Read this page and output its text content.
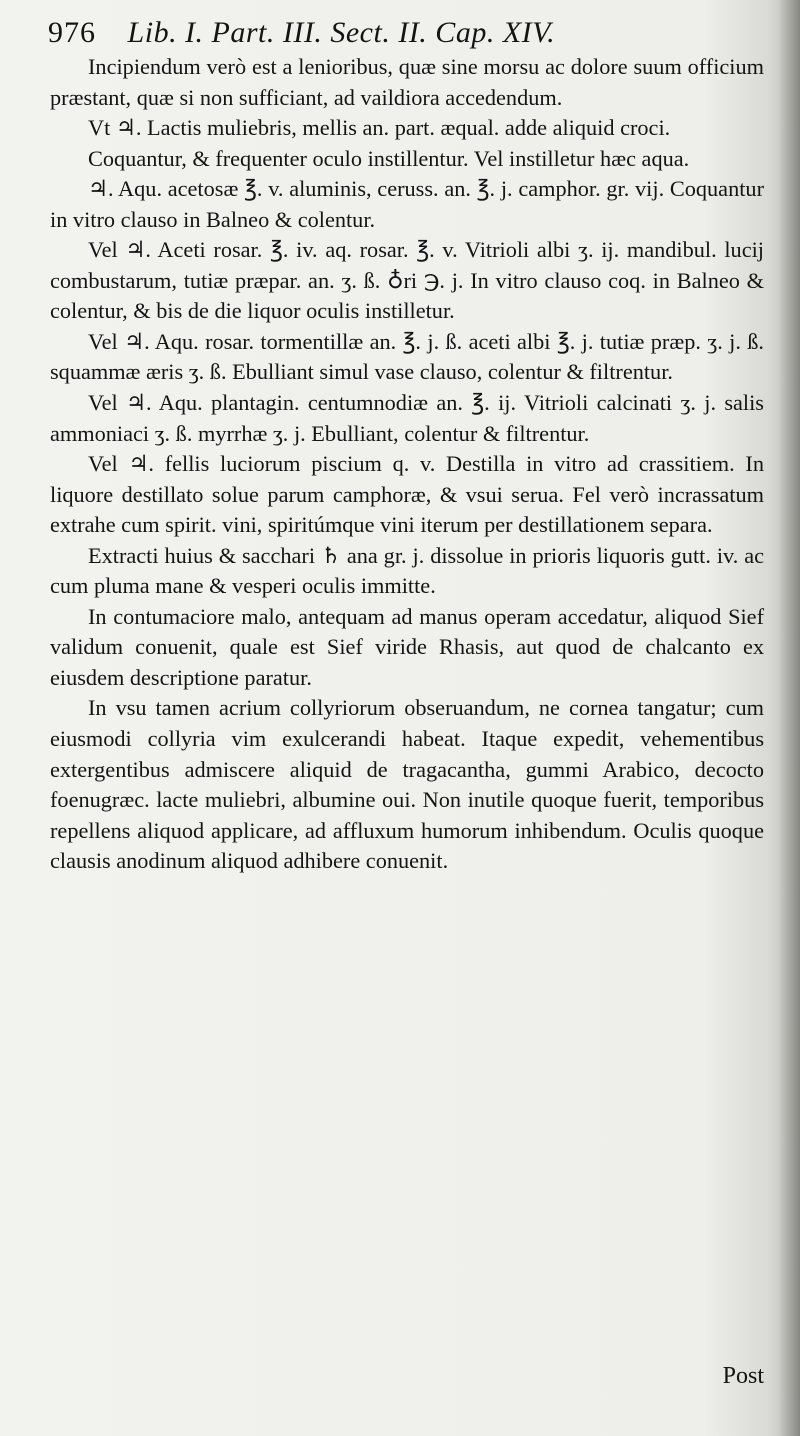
976 Lib. I. Part. III. Sect. II. Cap. XIV.

Incipiendum verò est a lenioribus, quæ sine morsu ac dolore suum officium præstant, quæ si non sufficiant, ad vaildiora accedendum.

Vt ♃. Lactis muliebris, mellis an. part. æqual. adde aliquid croci.

Coquantur, & frequenter oculo instillentur. Vel instilletur hæc aqua.

♃. Aqu. acetosæ ℥. v. aluminis, ceruss. an. ℥. j. camphor. gr. vij. Coquantur in vitro clauso in Balneo & colentur.

Vel ♃. Aceti rosar. ℥. iv. aq. rosar. ℥. v. Vitrioli albi ʒ. ij. mandibul. lucij combustarum, tutiæ præpar. an. ʒ. ß. ♁ri ℈. j. In vitro clauso coq. in Balneo & colentur, & bis de die liquor oculis instilletur.

Vel ♃. Aqu. rosar. tormentillæ an. ℥. j. ß. aceti albi ℥. j. tutiæ præp. ʒ. j. ß. squammæ æris ʒ. ß. Ebulliant simul vase clauso, colentur & filtrentur.

Vel ♃. Aqu. plantagin. centumnodiæ an. ℥. ij. Vitrioli calcinati ʒ. j. salis ammoniaci ʒ. ß. myrrhæ ʒ. j. Ebulliant, colentur & filtrentur.

Vel ♃. fellis luciorum piscium q. v. Destilla in vitro ad crassitiem. In liquore destillato solue parum camphoræ, & vsui serua. Fel verò incrassatum extrahe cum spirit. vini, spiritúmque vini iterum per destillationem separa.

Extracti huius & sacchari ♄ ana gr. j. dissolue in prioris liquoris gutt. iv. ac cum pluma mane & vesperi oculis immitte.

In contumaciore malo, antequam ad manus operam accedatur, aliquod Sief validum conuenit, quale est Sief viride Rhasis, aut quod de chalcanto ex eiusdem descriptione paratur.

In vsu tamen acrium collyriorum obseruandum, ne cornea tangatur; cum eiusmodi collyria vim exulcerandi habeat. Itaque expedit, vehementibus extergentibus admiscere aliquid de tragacantha, gummi Arabico, decocto foenugræc. lacte muliebri, albumine oui. Non inutile quoque fuerit, temporibus repellens aliquod applicare, ad affluxum humorum inhibendum. Oculis quoque clausis anodinum aliquod adhibere conuenit.

Post
